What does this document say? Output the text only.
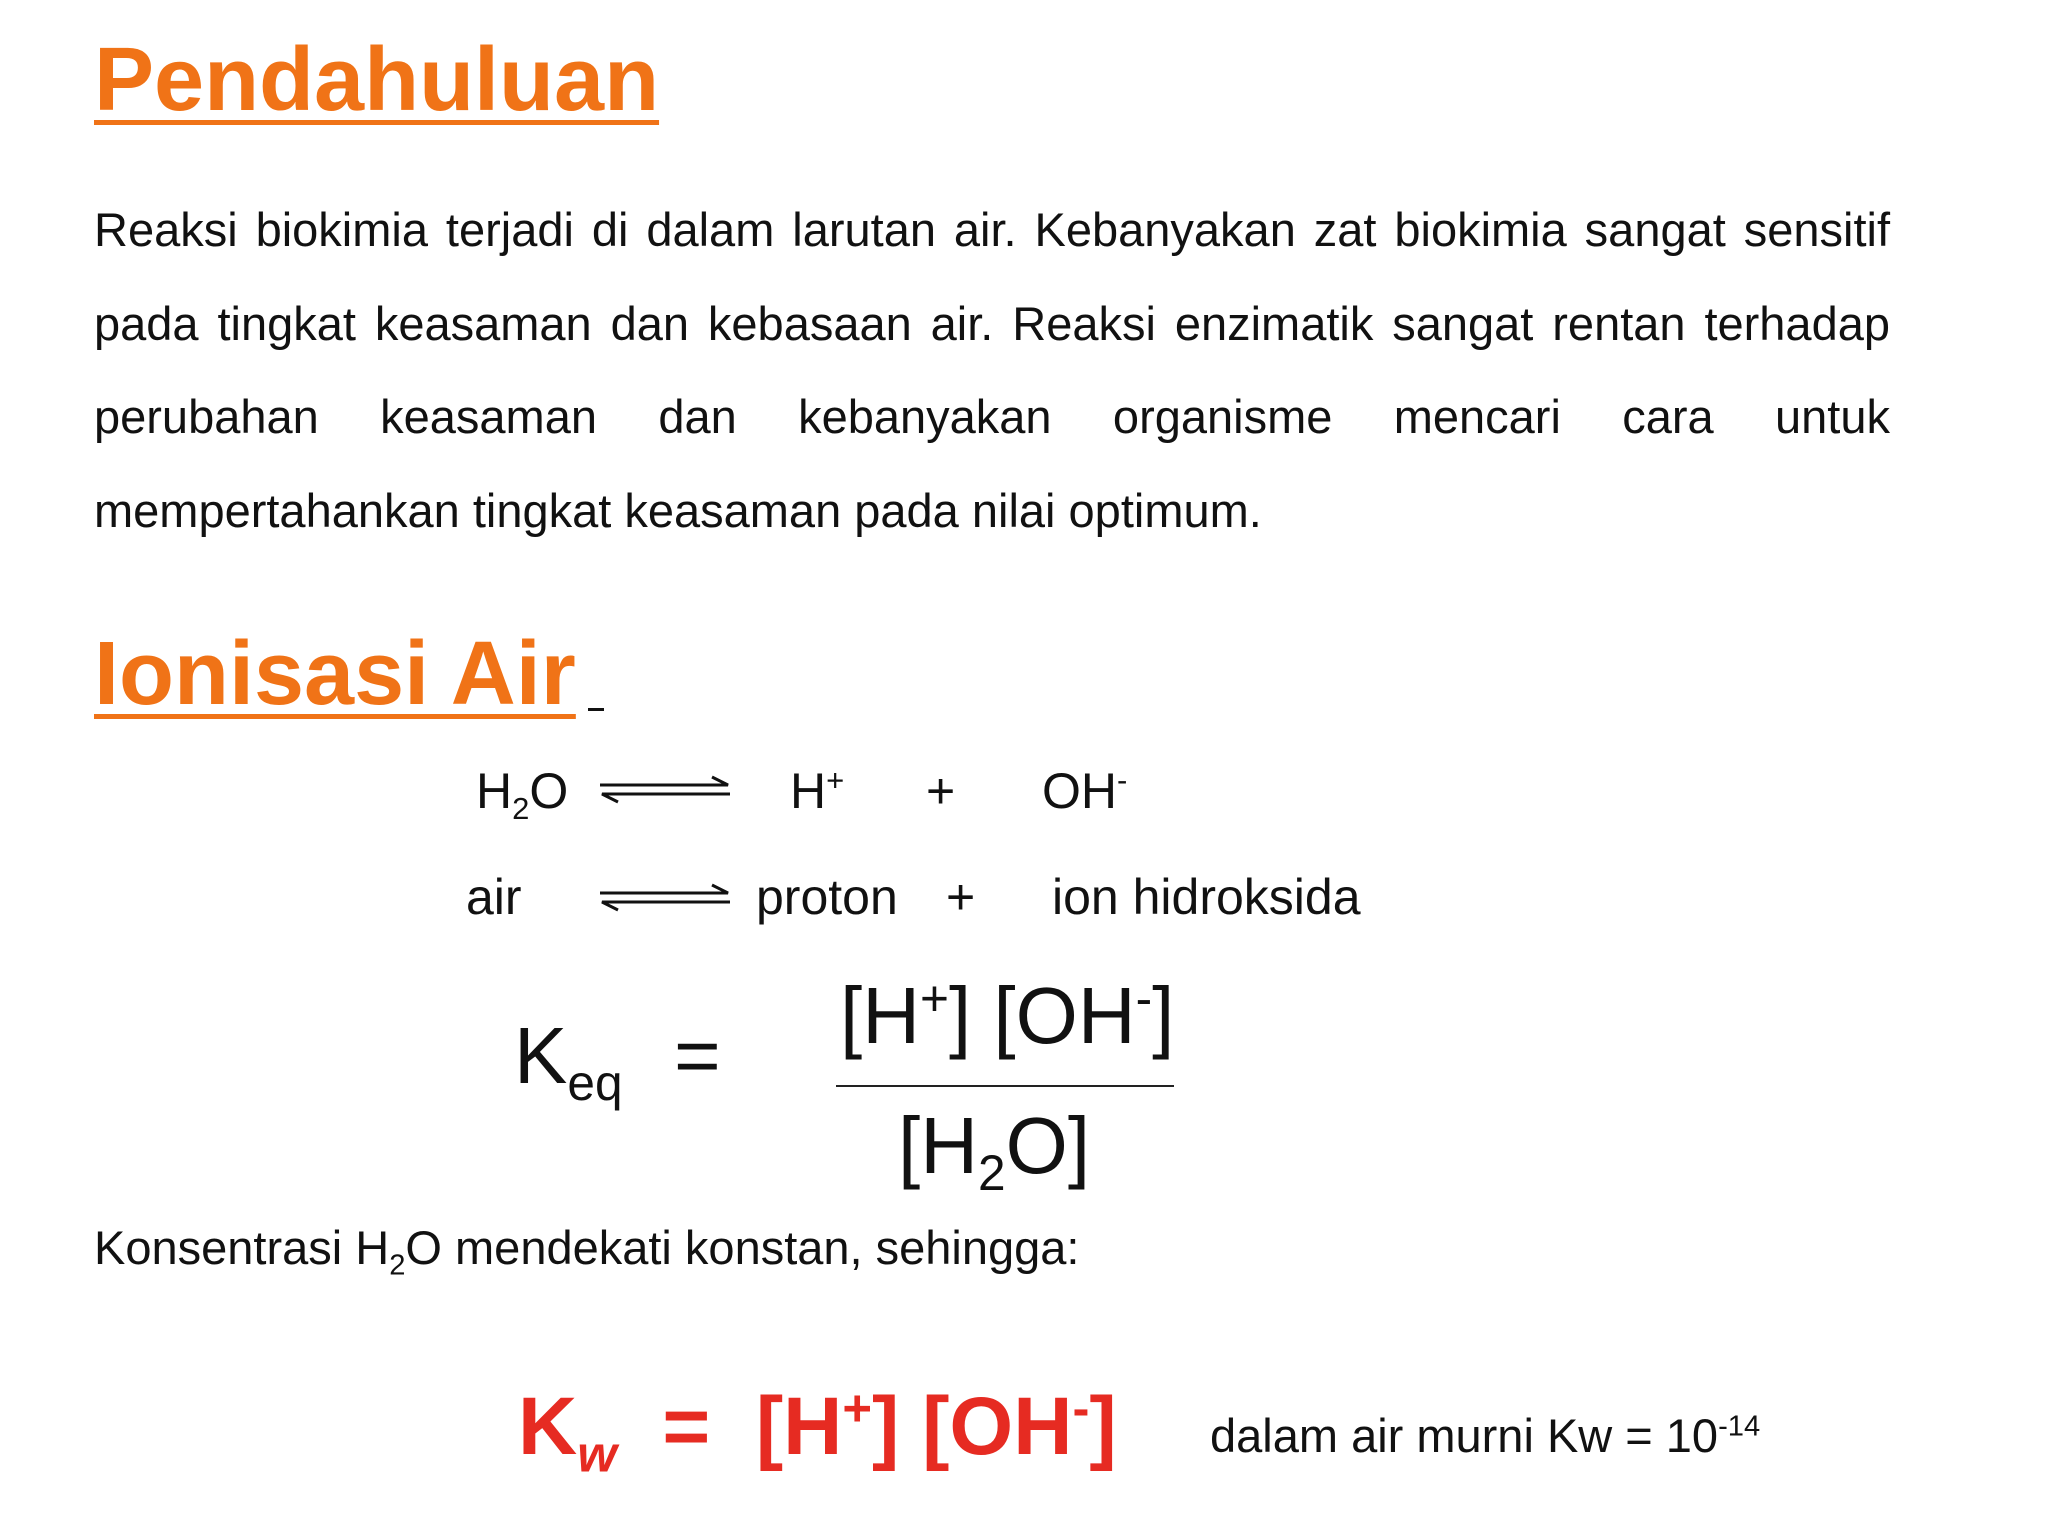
Pendahuluan
Reaksi biokimia terjadi di dalam larutan air. Kebanyakan zat biokimia sangat sensitif pada tingkat keasaman dan kebasaan air. Reaksi enzimatik sangat rentan terhadap perubahan keasaman dan kebanyakan organisme mencari cara untuk mempertahankan tingkat keasaman pada nilai optimum.
Ionisasi Air
$H_2O$	H+ + OH-
air	proton + ion hidroksida
$K_{eq} = [H^+]$ [OH-]
$[H_2O]$
Konsentrasi $H_2O$ mendekati konstan, sehingga:
$K_w = [H^+]$ [OH-] dalam air murni $Kw = 10^{-14}$
